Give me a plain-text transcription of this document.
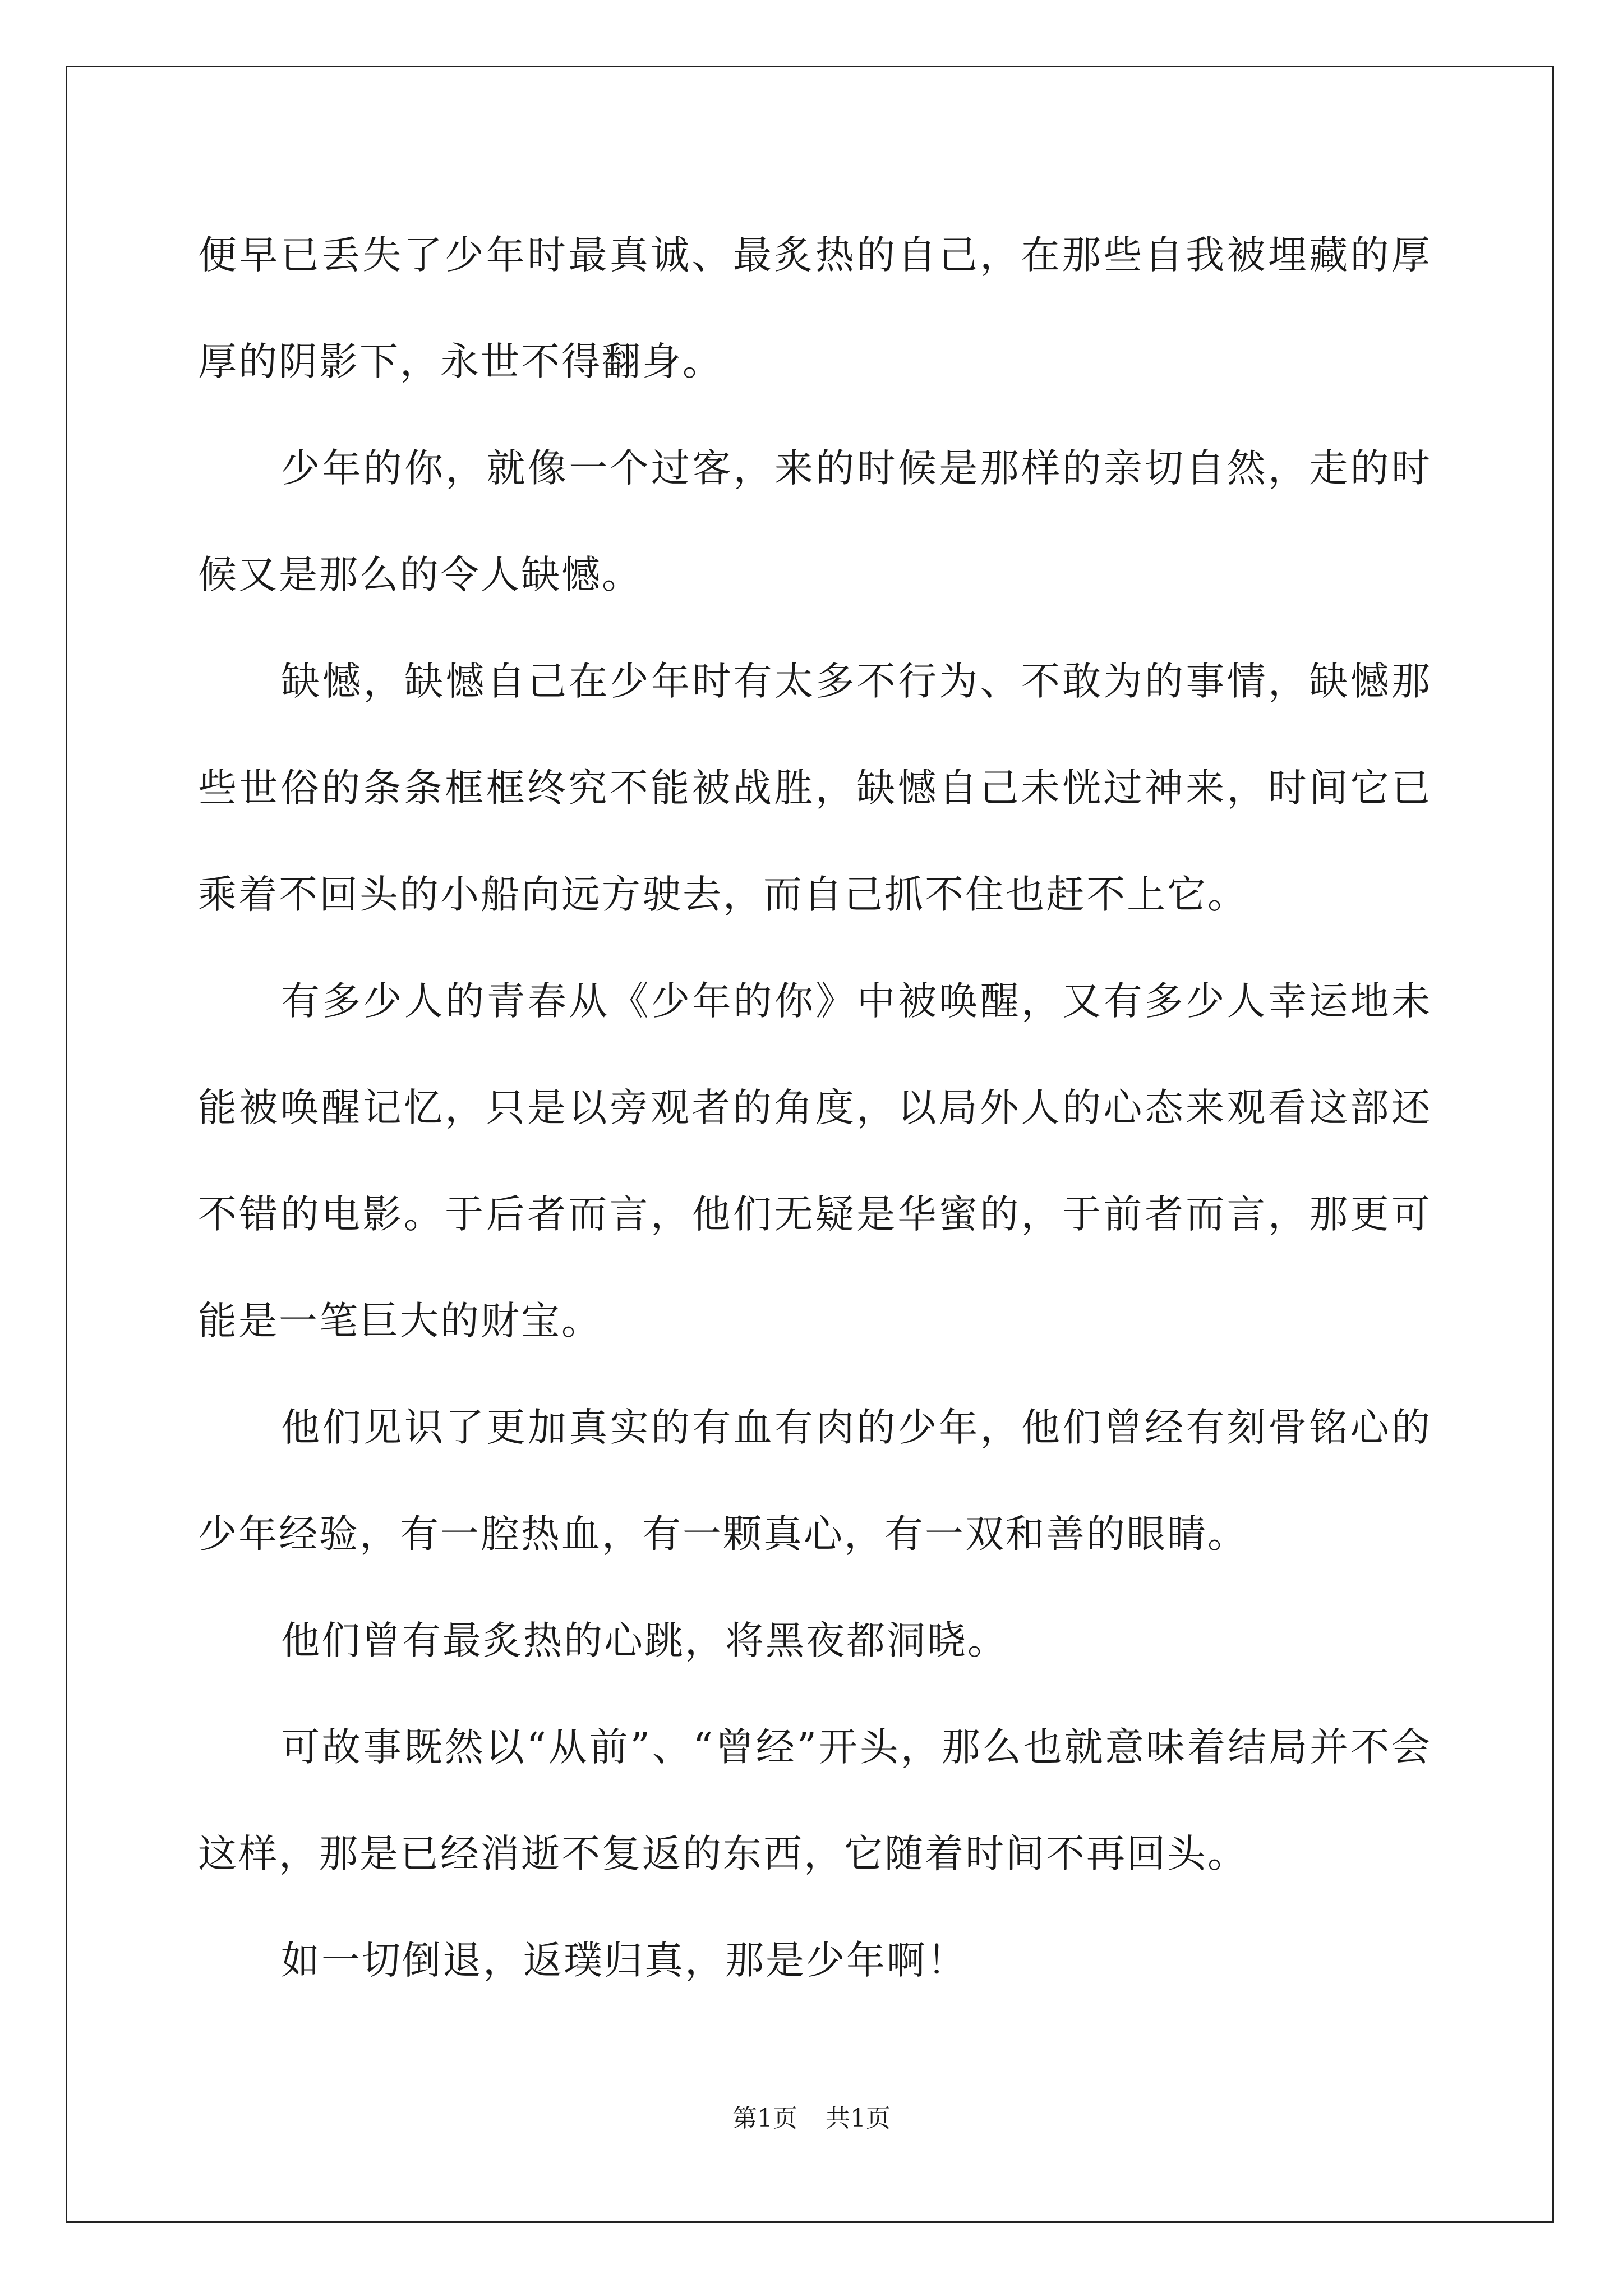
便早已丢失了少年时最真诚、最炙热的自己，在那些自我被埋藏的厚厚的阴影下，永世不得翻身。

少年的你，就像一个过客，来的时候是那样的亲切自然，走的时候又是那么的令人缺憾。

缺憾，缺憾自己在少年时有太多不行为、不敢为的事情，缺憾那些世俗的条条框框终究不能被战胜，缺憾自己未恍过神来，时间它已乘着不回头的小船向远方驶去，而自己抓不住也赶不上它。

有多少人的青春从《少年的你》中被唤醒，又有多少人幸运地未能被唤醒记忆，只是以旁观者的角度，以局外人的心态来观看这部还不错的电影。于后者而言，他们无疑是华蜜的，于前者而言，那更可能是一笔巨大的财宝。

他们见识了更加真实的有血有肉的少年，他们曾经有刻骨铭心的少年经验，有一腔热血，有一颗真心，有一双和善的眼睛。

他们曾有最炙热的心跳，将黑夜都洞晓。

可故事既然以“从前”、“曾经”开头，那么也就意味着结局并不会这样，那是已经消逝不复返的东西，它随着时间不再回头。

如一切倒退，返璞归真，那是少年啊！

第1页 共1页
